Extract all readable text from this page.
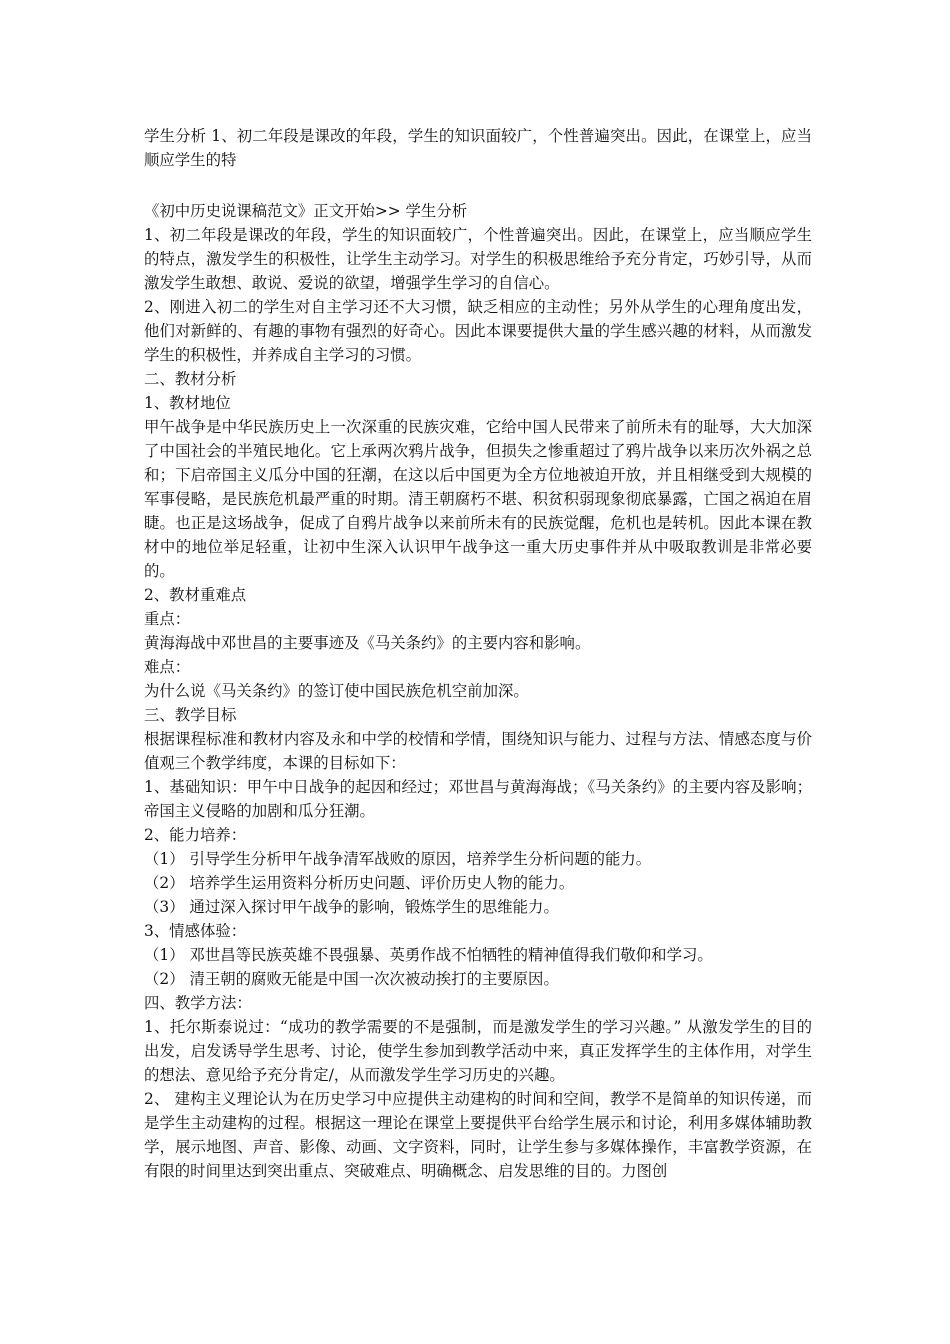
学生分析 1、初二年段是课改的年段，学生的知识面较广，个性普遍突出。因此，在课堂上，应当顺应学生的特

《初中历史说课稿范文》正文开始>> 学生分析

1、初二年段是课改的年段，学生的知识面较广，个性普遍突出。因此，在课堂上，应当顺应学生的特点，激发学生的积极性，让学生主动学习。对学生的积极思维给予充分肯定，巧妙引导，从而激发学生敢想、敢说、爱说的欲望，增强学生学习的自信心。

2、刚进入初二的学生对自主学习还不大习惯，缺乏相应的主动性；另外从学生的心理角度出发，他们对新鲜的、有趣的事物有强烈的好奇心。因此本课要提供大量的学生感兴趣的材料，从而激发学生的积极性，并养成自主学习的习惯。

二、教材分析

1、教材地位

甲午战争是中华民族历史上一次深重的民族灾难，它给中国人民带来了前所未有的耻辱，大大加深了中国社会的半殖民地化。它上承两次鸦片战争，但损失之惨重超过了鸦片战争以来历次外祸之总和；下启帝国主义瓜分中国的狂潮，在这以后中国更为全方位地被迫开放，并且相继受到大规模的军事侵略，是民族危机最严重的时期。清王朝腐朽不堪、积贫积弱现象彻底暴露，亡国之祸迫在眉睫。也正是这场战争，促成了自鸦片战争以来前所未有的民族觉醒，危机也是转机。因此本课在教材中的地位举足轻重，让初中生深入认识甲午战争这一重大历史事件并从中吸取教训是非常必要的。

2、教材重难点

重点：

黄海海战中邓世昌的主要事迹及《马关条约》的主要内容和影响。

难点：

为什么说《马关条约》的签订使中国民族危机空前加深。

三、教学目标

根据课程标准和教材内容及永和中学的校情和学情，围绕知识与能力、过程与方法、情感态度与价值观三个教学纬度，本课的目标如下：

1、基础知识：甲午中日战争的起因和经过；邓世昌与黄海海战；《马关条约》的主要内容及影响；帝国主义侵略的加剧和瓜分狂潮。

2、能力培养：

（1） 引导学生分析甲午战争清军战败的原因，培养学生分析问题的能力。

（2） 培养学生运用资料分析历史问题、评价历史人物的能力。

（3） 通过深入探讨甲午战争的影响，锻炼学生的思维能力。

3、情感体验：

（1） 邓世昌等民族英雄不畏强暴、英勇作战不怕牺牲的精神值得我们敬仰和学习。

（2） 清王朝的腐败无能是中国一次次被动挨打的主要原因。

四、教学方法：

1、托尔斯泰说过：“成功的教学需要的不是强制，而是激发学生的学习兴趣。” 从激发学生的目的出发，启发诱导学生思考、讨论，使学生参加到教学活动中来，真正发挥学生的主体作用，对学生的想法、意见给予充分肯定/，从而激发学生学习历史的兴趣。

2、 建构主义理论认为在历史学习中应提供主动建构的时间和空间，教学不是简单的知识传递，而是学生主动建构的过程。根据这一理论在课堂上要提供平台给学生展示和讨论，利用多媒体辅助教学，展示地图、声音、影像、动画、文字资料，同时，让学生参与多媒体操作，丰富教学资源，在有限的时间里达到突出重点、突破难点、明确概念、启发思维的目的。力图创
